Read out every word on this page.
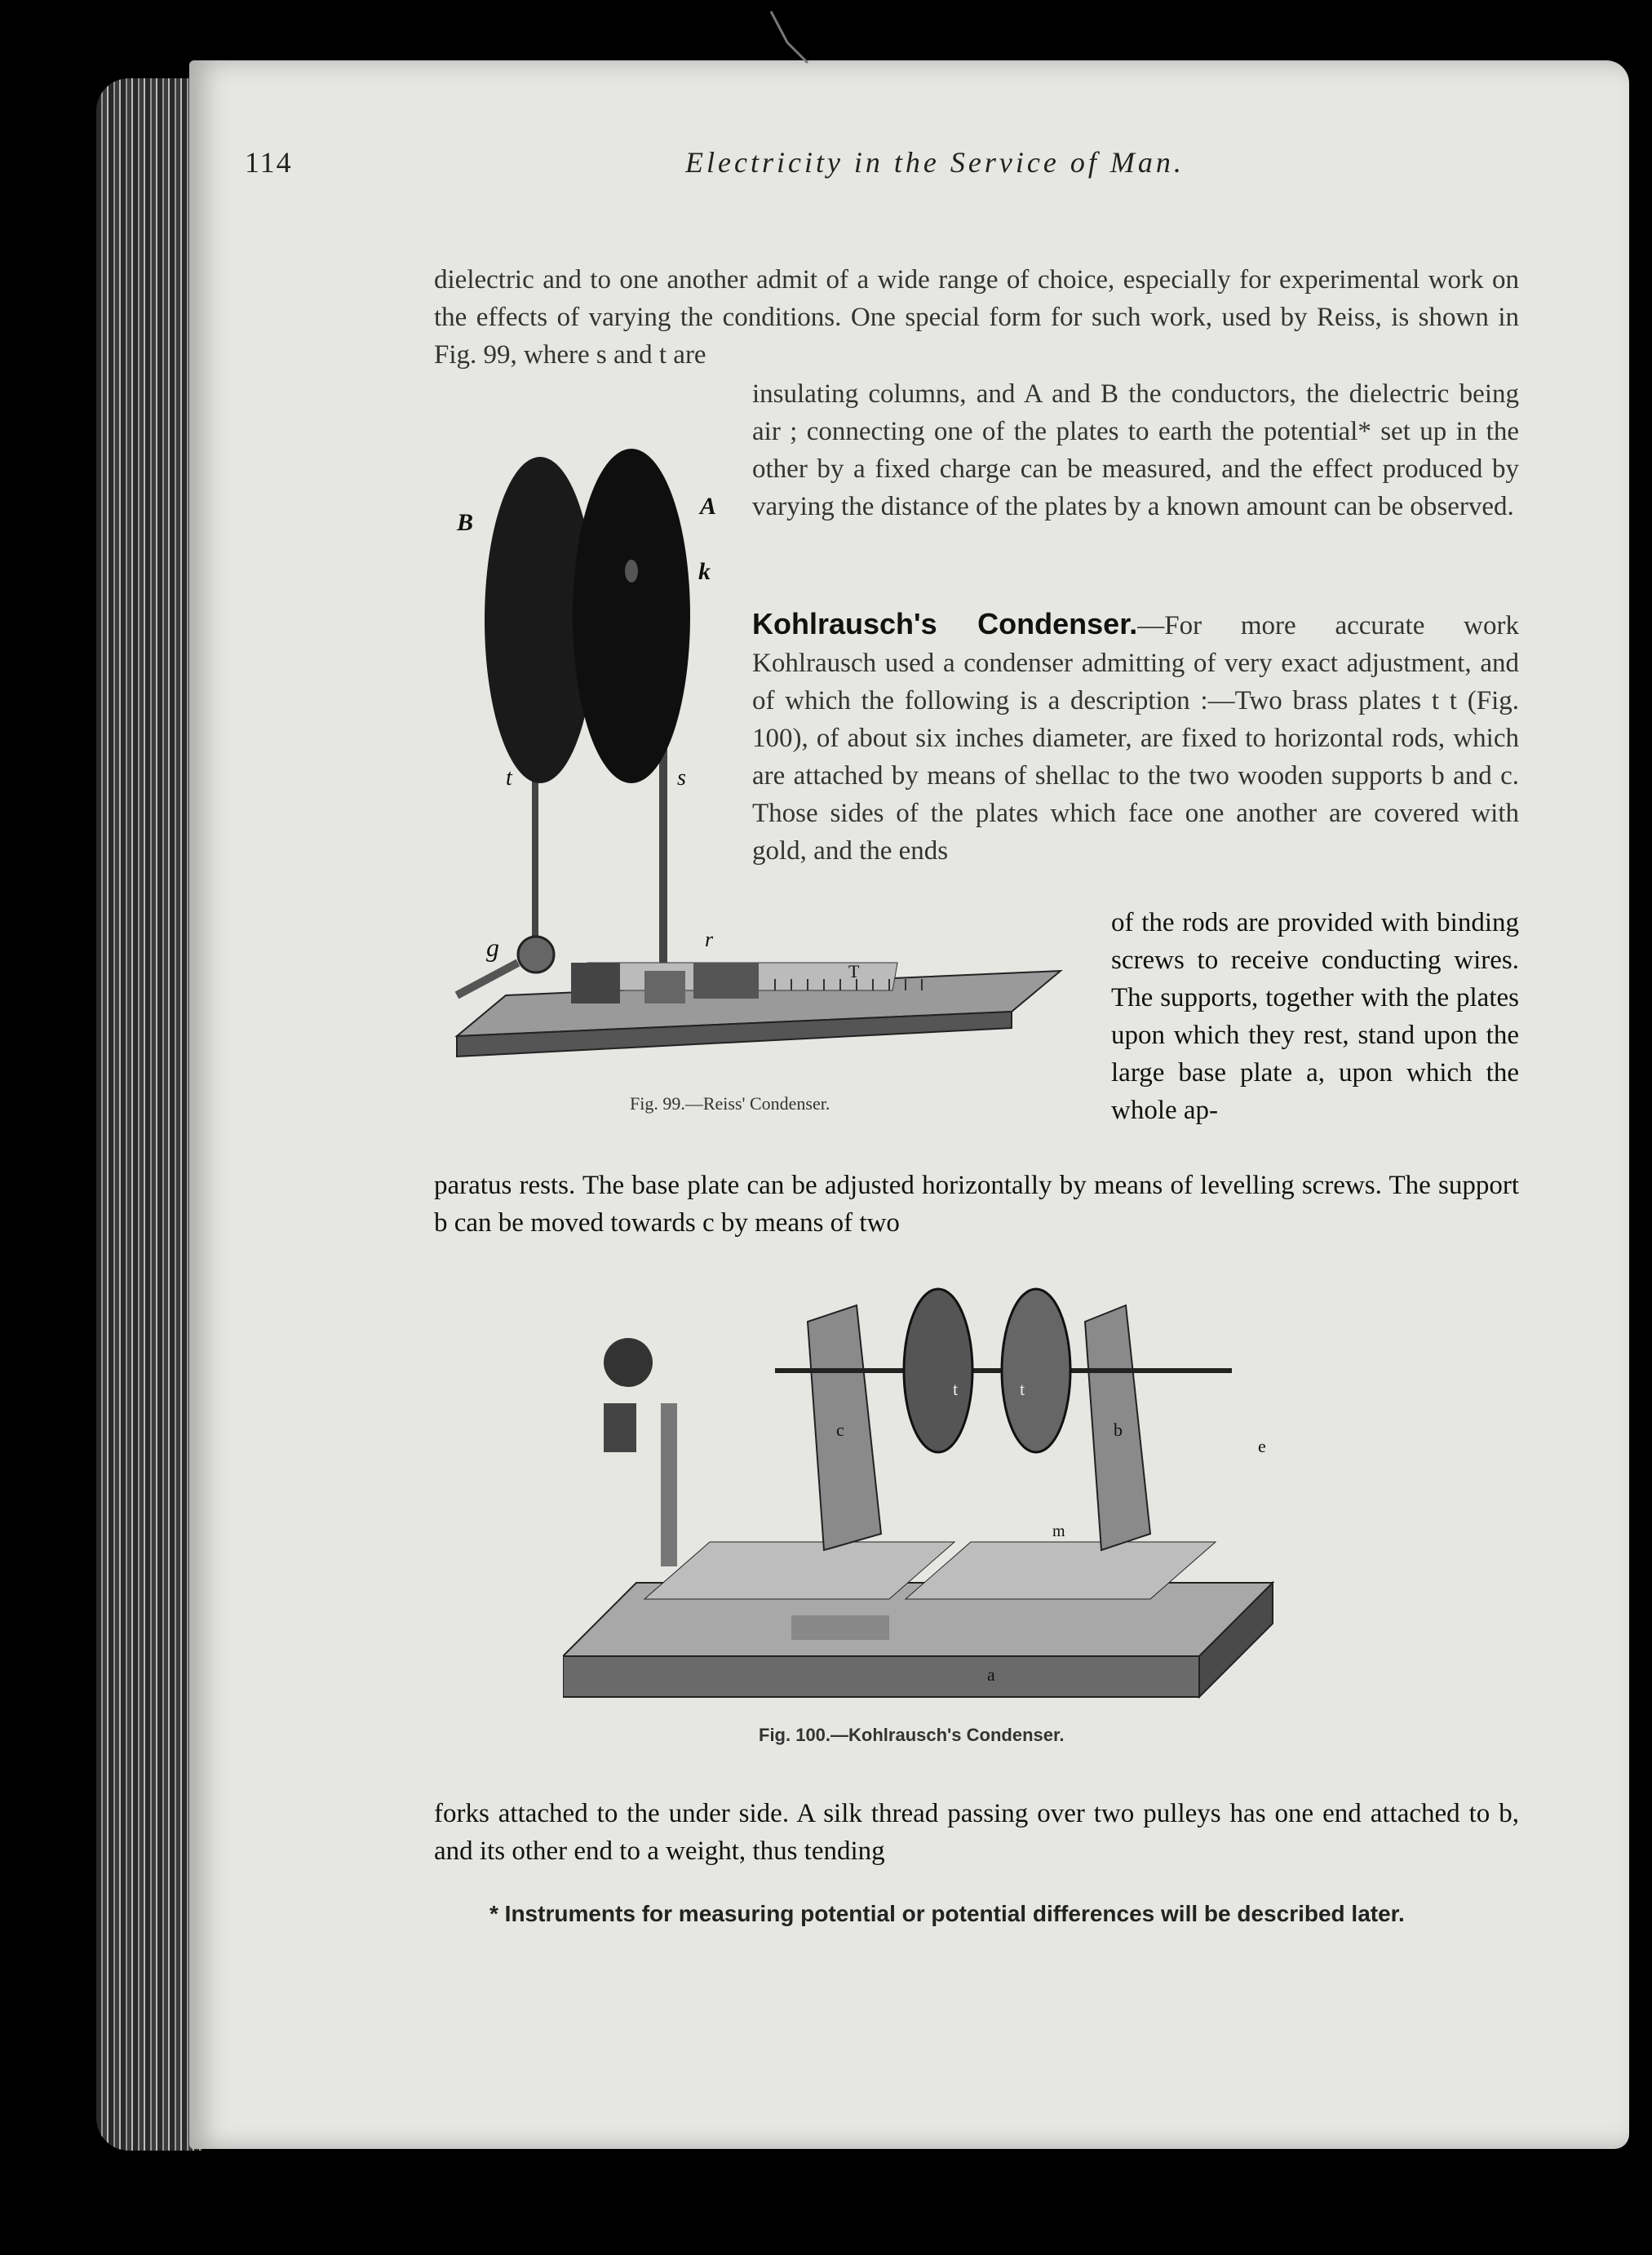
114	Electricity in the Service of Man.

dielectric and to one another admit of a wide range of choice, especially for experimental work on the effects of varying the conditions. One special form for such work, used by Reiss, is shown in Fig. 99, where s and t are

insulating columns, and A and B the conductors, the dielectric being air ; connecting one of the plates to earth the potential* set up in the other by a fixed charge can be measured, and the effect produced by varying the distance of the plates by a known amount can be observed.

Kohlrausch's Condenser.—For more accurate work Kohlrausch used a condenser admitting of very exact adjustment, and of which the following is a description :—Two brass plates t t (Fig. 100), of about six inches diameter, are fixed to horizontal rods, which are attached by means of shellac to the two wooden supports b and c. Those sides of the plates which face one another are covered with gold, and the ends

of the rods are provided with binding screws to receive conducting wires. The supports, together with the plates upon which they rest, stand upon the large base plate a, upon which the whole ap-

paratus rests. The base plate can be adjusted horizontally by means of levelling screws. The support b can be moved towards c by means of two

B
A
k
t	s
g	r
T
Fig. 99.—Reiss' Condenser.
t	t
c	b
e
m
a
Fig. 100.—Kohlrausch's Condenser.

forks attached to the under side. A silk thread passing over two pulleys has one end attached to b, and its other end to a weight, thus tending

* Instruments for measuring potential or potential differences will be described later.
